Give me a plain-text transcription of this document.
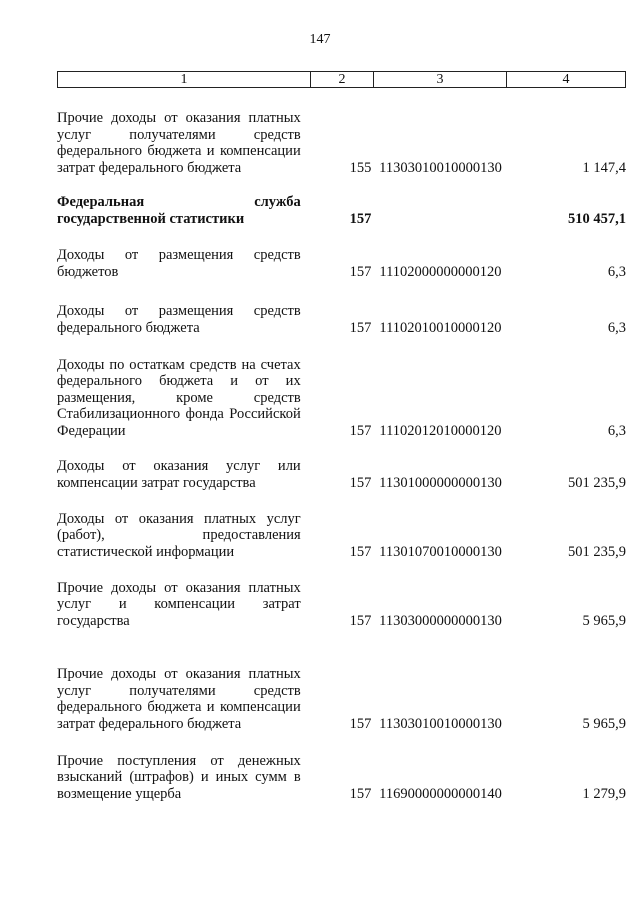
147
1	2	3	4
Прочие доходы от оказания платных услуг получателями средств федерального бюджета и компенсации затрат федерального бюджета	155 11303010010000130	1 147,4
Федеральная служба государственной статистики	157	510 457,1
Доходы от размещения средств бюджетов	157 11102000000000120	6,3
Доходы от размещения средств федерального бюджета	157 11102010010000120	6,3
Доходы по остаткам средств на счетах федерального бюджета и от их размещения, кроме средств Стабилизационного фонда Российской Федерации	157 11102012010000120	6,3
Доходы от оказания услуг или компенсации затрат государства	157 11301000000000130	501 235,9
Доходы от оказания платных услуг (работ), предоставления статистической информации	157 11301070010000130	501 235,9
Прочие доходы от оказания платных услуг и компенсации затрат государства	157 11303000000000130	5 965,9
Прочие доходы от оказания платных услуг получателями средств федерального бюджета и компенсации затрат федерального бюджета	157 11303010010000130	5 965,9
Прочие поступления от денежных взысканий (штрафов) и иных сумм в возмещение ущерба	157 11690000000000140	1 279,9
